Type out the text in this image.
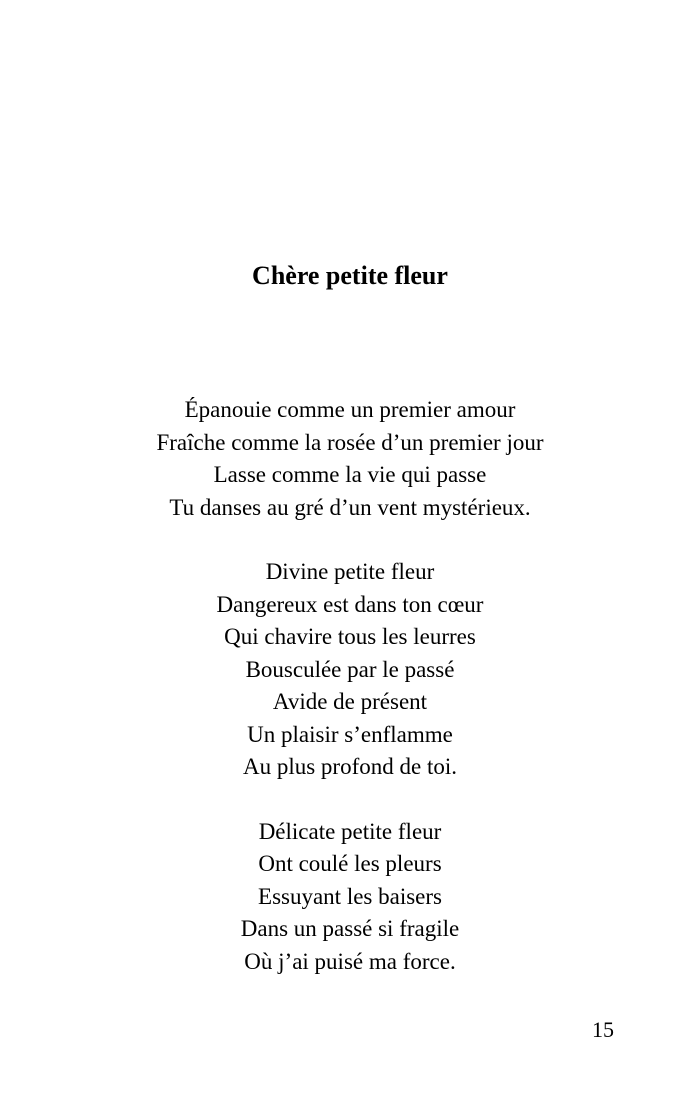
Chère petite fleur
Épanouie comme un premier amour
Fraîche comme la rosée d’un premier jour
Lasse comme la vie qui passe
Tu danses au gré d’un vent mystérieux.
Divine petite fleur
Dangereux est dans ton cœur
Qui chavire tous les leurres
Bousculée par le passé
Avide de présent
Un plaisir s’enflamme
Au plus profond de toi.
Délicate petite fleur
Ont coulé les pleurs
Essuyant les baisers
Dans un passé si fragile
Où j’ai puisé ma force.
15
